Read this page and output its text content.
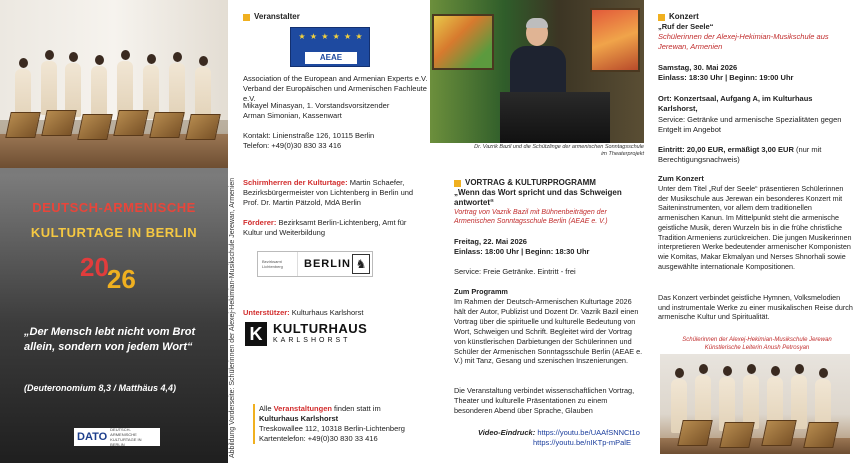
DEUTSCH-ARMENISCHE
KULTURTAGE IN BERLIN
2026
„Der Mensch lebt nicht vom Brot allein, sondern von jedem Wort“
(Deuteronomium 8,3 / Matthäus 4,4)
DATO
DEUTSCH-ARMENISCHE
KULTURTAGE IN BERLIN	Abbildung Vorderseite: Schülerinnen der Alexej-Hekimian-Musikschule Jerewan, Armenien
Veranstalter
★ ★ ★ ★ ★ ★
AEAE
Association of the European and Armenian Experts e.V.
Verband der Europäischen und Armenischen Fachleute e.V.
Mikayel Minasyan, 1. Vorstandsvorsitzender
Arman Simonian, Kassenwart
Kontakt: Linienstraße 126, 10115 Berlin
Telefon: +49(0)30 830 33 416
Schirmherren der Kulturtage: Martin Schaefer, Bezirksbürgermeister von Lichtenberg in Berlin und Prof. Dr. Martin Pätzold, MdA Berlin
Förderer: Bezirksamt Berlin-Lichtenberg, Amt für Kultur und Weiterbildung
Bezirksamt
Lichtenberg	BERLIN ♞
Unterstützer: Kulturhaus Karlshorst
K KULTURHAUS
KARLSHORST
Alle Veranstaltungen finden statt im
Kulturhaus Karlshorst
Treskowallee 112, 10318 Berlin-Lichtenberg
Kartentelefon: +49(0)30 830 33 416
Dr. Vazrik Bazil und die Schützlinge der armenischen Sonntagsschule
im Theaterprojekt
VORTRAG & KULTURPROGRAMM
„Wenn das Wort spricht und das Schweigen antwortet“
Vortrag von Vazrik Bazil mit Bühnenbeiträgen der Armenischen Sonntagsschule Berlin (AEAE e. V.)
Freitag, 22. Mai 2026
Einlass: 18:00 Uhr | Beginn: 18:30 Uhr
Service: Freie Getränke. Eintritt - frei
Zum Programm
Im Rahmen der Deutsch-Armenischen Kulturtage 2026 hält der Autor, Publizist und Dozent Dr. Vazrik Bazil einen Vortrag über die spirituelle und kulturelle Bedeutung von Wort, Schweigen und Schrift. Begleitet wird der Vortrag von künstlerischen Darbietungen der Schülerinnen und Schüler der Armenischen Sonntagsschule Berlin (AEAE e. V.) mit Tanz, Gesang und szenischen Inszenierungen.
Die Veranstaltung verbindet wissenschaftlichen Vortrag, Theater und kulturelle Präsentationen zu einem besonderen Abend über Sprache, Glauben
Video-Eindruck: https://youtu.be/UAAfSNNCt1o
https://youtu.be/nIKTp-mPalE
Konzert
„Ruf der Seele“
Schülerinnen der Alexej-Hekimian-Musikschule aus Jerewan, Armenien
Samstag, 30. Mai 2026
Einlass: 18:30 Uhr | Beginn: 19:00 Uhr
Ort: Konzertsaal, Aufgang A, im Kulturhaus Karlshorst,
Service: Getränke und armenische Spezialitäten gegen Entgelt im Angebot
Eintritt: 20,00 EUR, ermäßigt 3,00 EUR (nur mit Berechtigungsnachweis)
Zum Konzert
Unter dem Titel „Ruf der Seele“ präsentieren Schülerinnen der Musikschule aus Jerewan ein besonderes Konzert mit Saiteninstrumenten, vor allem dem traditionellen armenischen Kanun. Im Mittelpunkt steht die armenische geistliche Musik, deren Wurzeln bis in die frühe christliche Tradition Armeniens zurückreichen. Die jungen Musikerinnen interpretieren Werke bedeutender armenischer Komponisten wie Komitas, Makar Ekmalyan und Nerses Shnorhali sowie ausgewählte internationale Kompositionen.
Das Konzert verbindet geistliche Hymnen, Volksmelodien und instrumentale Werke zu einer musikalischen Reise durch armenische Kultur und Spiritualität.
Schülerinnen der Alexej-Hekimian-Musikschule Jerewan
Künstlerische Leiterin Anush Petrosyan
